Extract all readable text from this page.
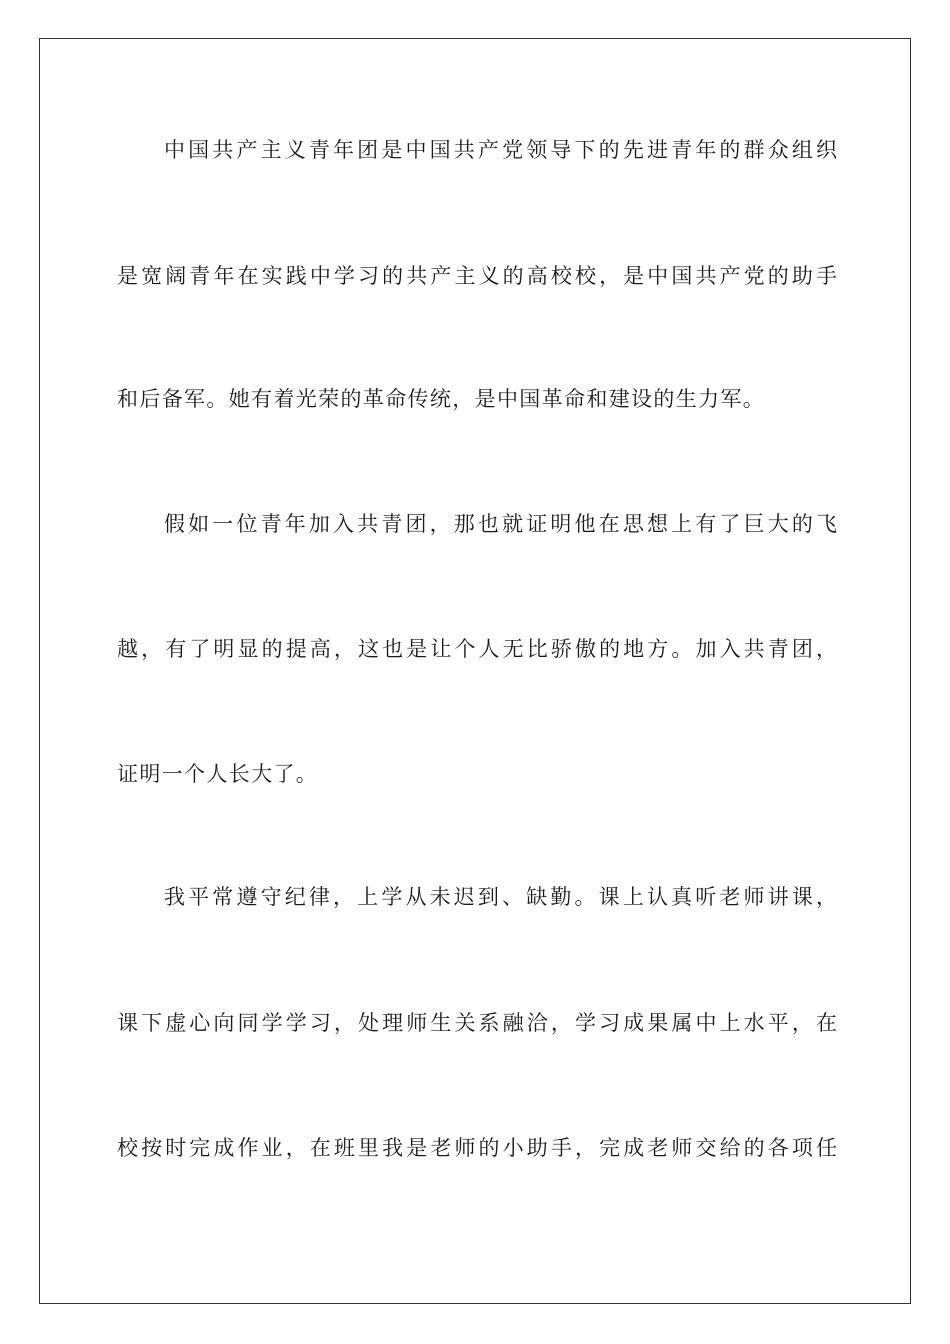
中国共产主义青年团是中国共产党领导下的先进青年的群众组织
是宽阔青年在实践中学习的共产主义的高校校，是中国共产党的助手
和后备军。她有着光荣的革命传统，是中国革命和建设的生力军。
假如一位青年加入共青团，那也就证明他在思想上有了巨大的飞
越，有了明显的提高，这也是让个人无比骄傲的地方。加入共青团，
证明一个人长大了。
我平常遵守纪律，上学从未迟到、缺勤。课上认真听老师讲课，
课下虚心向同学学习，处理师生关系融洽，学习成果属中上水平，在
校按时完成作业，在班里我是老师的小助手，完成老师交给的各项任
